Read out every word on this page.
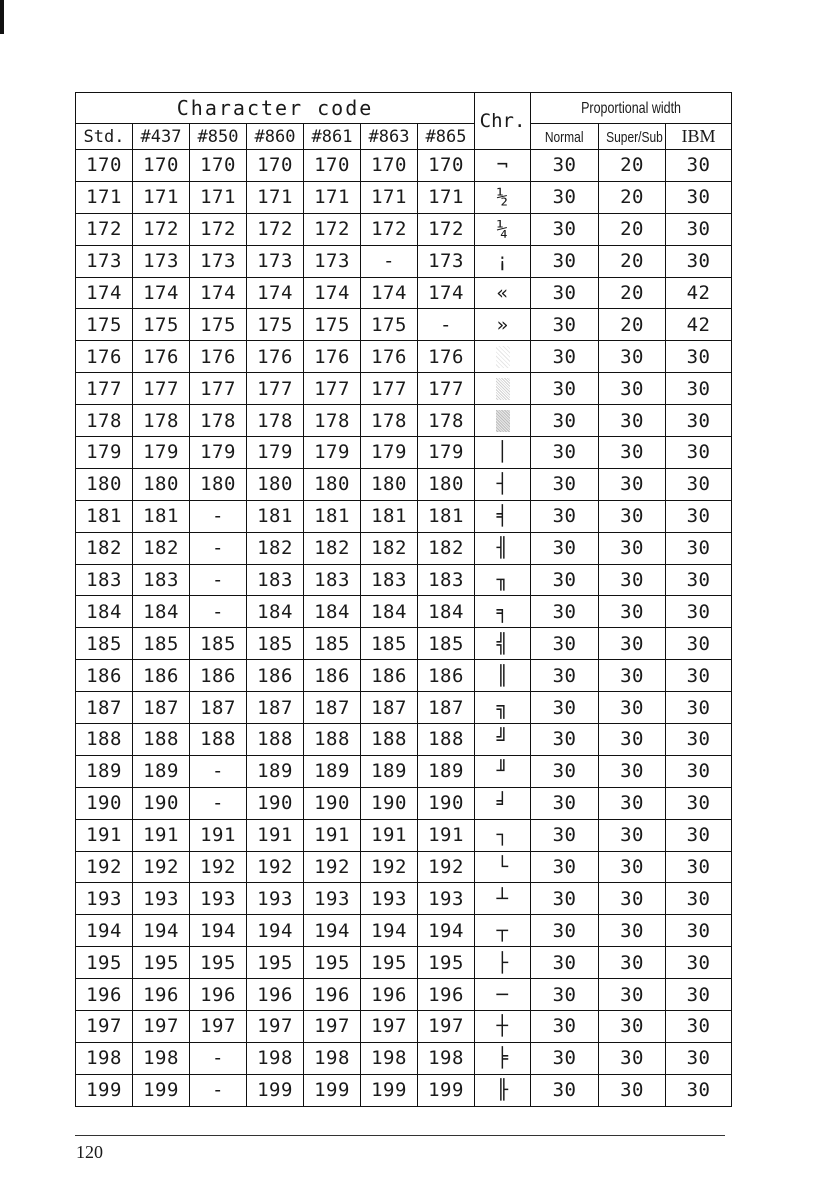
Character code							Chr.	Proportional width		
Std.	#437	#850	#860	#861	#863	#865		Normal	Super/Sub	IBM
170	170	170	170	170	170	170	¬	30	20	30
171	171	171	171	171	171	171	½	30	20	30
172	172	172	172	172	172	172	¼	30	20	30
173	173	173	173	173	-	173	¡	30	20	30
174	174	174	174	174	174	174	«	30	20	42
175	175	175	175	175	175	-	»	30	20	42
176	176	176	176	176	176	176		30	30	30
177	177	177	177	177	177	177		30	30	30
178	178	178	178	178	178	178		30	30	30
179	179	179	179	179	179	179	│	30	30	30
180	180	180	180	180	180	180	┤	30	30	30
181	181	-	181	181	181	181	╡	30	30	30
182	182	-	182	182	182	182	╢	30	30	30
183	183	-	183	183	183	183	╖	30	30	30
184	184	-	184	184	184	184	╕	30	30	30
185	185	185	185	185	185	185	╣	30	30	30
186	186	186	186	186	186	186	║	30	30	30
187	187	187	187	187	187	187	╗	30	30	30
188	188	188	188	188	188	188	╝	30	30	30
189	189	-	189	189	189	189	╜	30	30	30
190	190	-	190	190	190	190	╛	30	30	30
191	191	191	191	191	191	191	┐	30	30	30
192	192	192	192	192	192	192	└	30	30	30
193	193	193	193	193	193	193	┴	30	30	30
194	194	194	194	194	194	194	┬	30	30	30
195	195	195	195	195	195	195	├	30	30	30
196	196	196	196	196	196	196	─	30	30	30
197	197	197	197	197	197	197	┼	30	30	30
198	198	-	198	198	198	198	╞	30	30	30
199	199	-	199	199	199	199	╟	30	30	30
120
